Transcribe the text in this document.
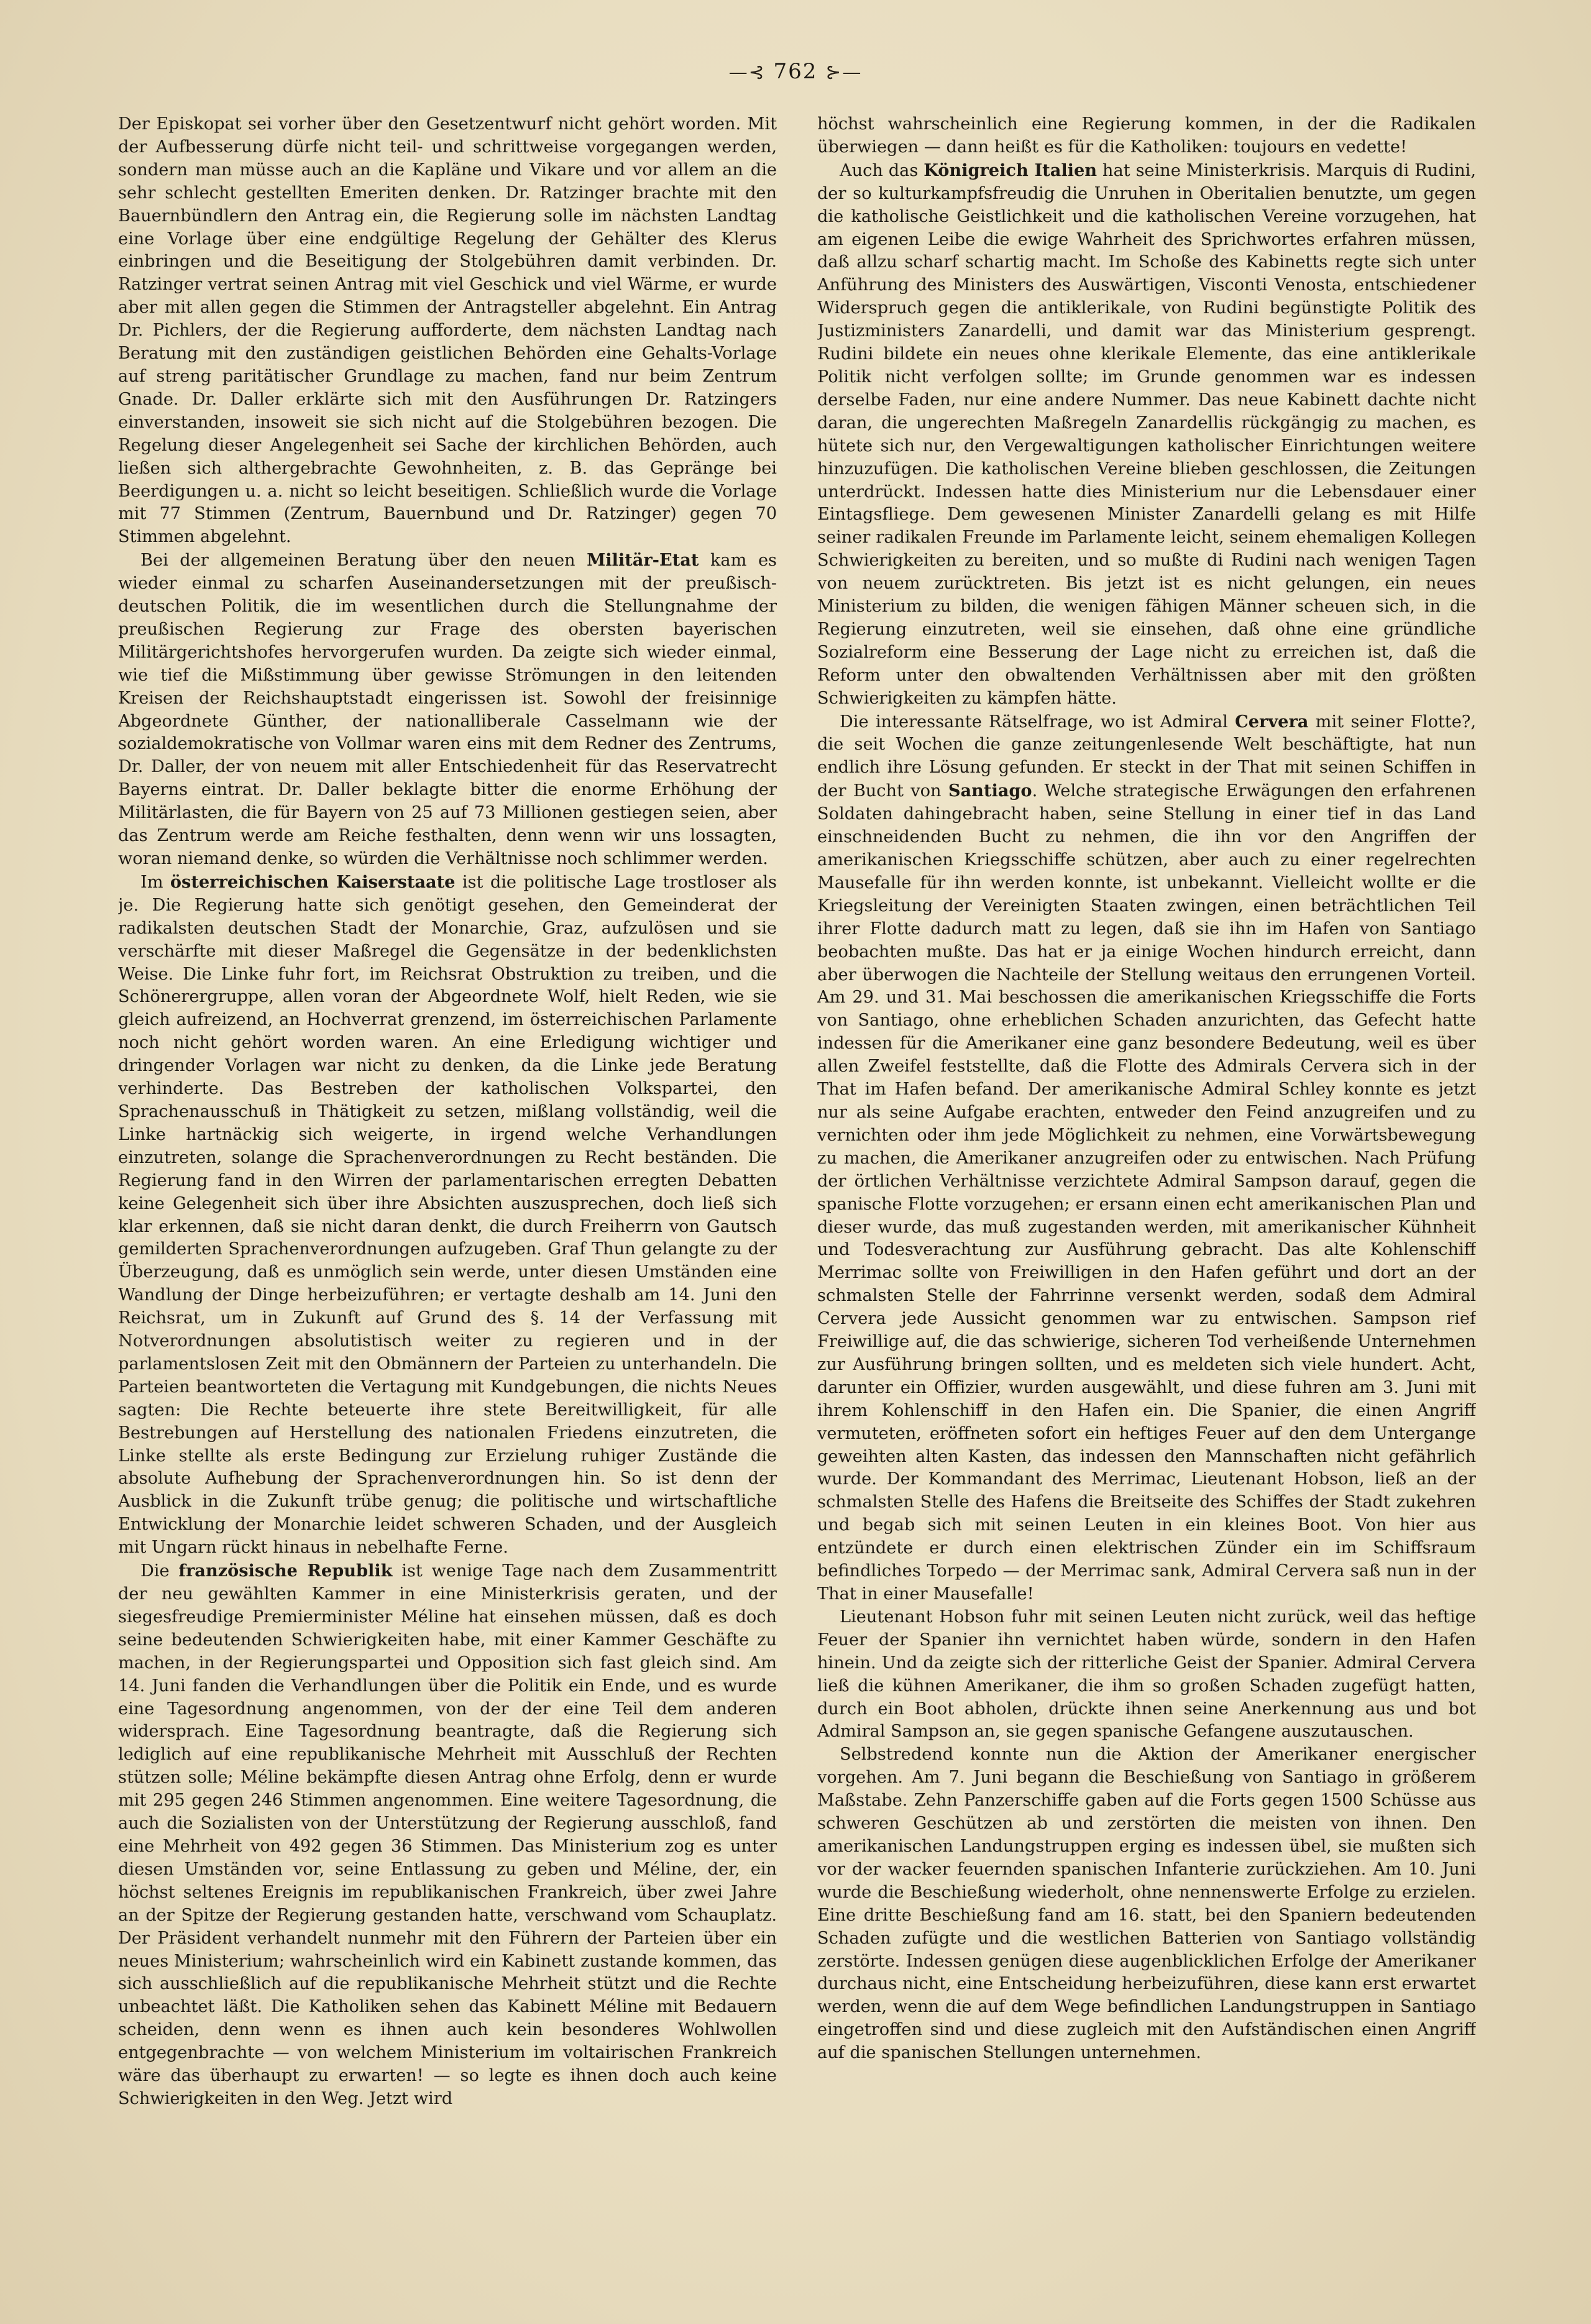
—⊰ 762 ⊱—

Der Episkopat sei vorher über den Gesetzentwurf nicht gehört worden. Mit der Aufbesserung dürfe nicht teil- und schrittweise vorgegangen werden, sondern man müsse auch an die Kapläne und Vikare und vor allem an die sehr schlecht gestellten Emeriten denken. Dr. Ratzinger brachte mit den Bauernbündlern den Antrag ein, die Regierung solle im nächsten Landtag eine Vorlage über eine endgültige Regelung der Gehälter des Klerus einbringen und die Beseitigung der Stolgebühren damit verbinden. Dr. Ratzinger vertrat seinen Antrag mit viel Geschick und viel Wärme, er wurde aber mit allen gegen die Stimmen der Antragsteller abgelehnt. Ein Antrag Dr. Pichlers, der die Regierung aufforderte, dem nächsten Landtag nach Beratung mit den zuständigen geistlichen Behörden eine Gehalts-Vorlage auf streng paritätischer Grundlage zu machen, fand nur beim Zentrum Gnade. Dr. Daller erklärte sich mit den Ausführungen Dr. Ratzingers einverstanden, insoweit sie sich nicht auf die Stolgebühren bezogen. Die Regelung dieser Angelegenheit sei Sache der kirchlichen Behörden, auch ließen sich althergebrachte Gewohnheiten, z. B. das Gepränge bei Beerdigungen u. a. nicht so leicht beseitigen. Schließlich wurde die Vorlage mit 77 Stimmen (Zentrum, Bauernbund und Dr. Ratzinger) gegen 70 Stimmen abgelehnt.

Bei der allgemeinen Beratung über den neuen Militär-Etat kam es wieder einmal zu scharfen Auseinandersetzungen mit der preußisch-deutschen Politik, die im wesentlichen durch die Stellungnahme der preußischen Regierung zur Frage des obersten bayerischen Militärgerichtshofes hervorgerufen wurden. Da zeigte sich wieder einmal, wie tief die Mißstimmung über gewisse Strömungen in den leitenden Kreisen der Reichshauptstadt eingerissen ist. Sowohl der freisinnige Abgeordnete Günther, der nationalliberale Casselmann wie der sozialdemokratische von Vollmar waren eins mit dem Redner des Zentrums, Dr. Daller, der von neuem mit aller Entschiedenheit für das Reservatrecht Bayerns eintrat. Dr. Daller beklagte bitter die enorme Erhöhung der Militärlasten, die für Bayern von 25 auf 73 Millionen gestiegen seien, aber das Zentrum werde am Reiche festhalten, denn wenn wir uns lossagten, woran niemand denke, so würden die Verhältnisse noch schlimmer werden.

Im österreichischen Kaiserstaate ist die politische Lage trostloser als je. Die Regierung hatte sich genötigt gesehen, den Gemeinderat der radikalsten deutschen Stadt der Monarchie, Graz, aufzulösen und sie verschärfte mit dieser Maßregel die Gegensätze in der bedenklichsten Weise. Die Linke fuhr fort, im Reichsrat Obstruktion zu treiben, und die Schönerergruppe, allen voran der Abgeordnete Wolf, hielt Reden, wie sie gleich aufreizend, an Hochverrat grenzend, im österreichischen Parlamente noch nicht gehört worden waren. An eine Erledigung wichtiger und dringender Vorlagen war nicht zu denken, da die Linke jede Beratung verhinderte. Das Bestreben der katholischen Volkspartei, den Sprachenausschuß in Thätigkeit zu setzen, mißlang vollständig, weil die Linke hartnäckig sich weigerte, in irgend welche Verhandlungen einzutreten, solange die Sprachenverordnungen zu Recht beständen. Die Regierung fand in den Wirren der parlamentarischen erregten Debatten keine Gelegenheit sich über ihre Absichten auszusprechen, doch ließ sich klar erkennen, daß sie nicht daran denkt, die durch Freiherrn von Gautsch gemilderten Sprachenverordnungen aufzugeben. Graf Thun gelangte zu der Überzeugung, daß es unmöglich sein werde, unter diesen Umständen eine Wandlung der Dinge herbeizuführen; er vertagte deshalb am 14. Juni den Reichsrat, um in Zukunft auf Grund des §. 14 der Verfassung mit Notverordnungen absolutistisch weiter zu regieren und in der parlamentslosen Zeit mit den Obmännern der Parteien zu unterhandeln. Die Parteien beantworteten die Vertagung mit Kundgebungen, die nichts Neues sagten: Die Rechte beteuerte ihre stete Bereitwilligkeit, für alle Bestrebungen auf Herstellung des nationalen Friedens einzutreten, die Linke stellte als erste Bedingung zur Erzielung ruhiger Zustände die absolute Aufhebung der Sprachenverordnungen hin. So ist denn der Ausblick in die Zukunft trübe genug; die politische und wirtschaftliche Entwicklung der Monarchie leidet schweren Schaden, und der Ausgleich mit Ungarn rückt hinaus in nebelhafte Ferne.

Die französische Republik ist wenige Tage nach dem Zusammentritt der neu gewählten Kammer in eine Ministerkrisis geraten, und der siegesfreudige Premierminister Méline hat einsehen müssen, daß es doch seine bedeutenden Schwierigkeiten habe, mit einer Kammer Geschäfte zu machen, in der Regierungspartei und Opposition sich fast gleich sind. Am 14. Juni fanden die Verhandlungen über die Politik ein Ende, und es wurde eine Tagesordnung angenommen, von der der eine Teil dem anderen widersprach. Eine Tagesordnung beantragte, daß die Regierung sich lediglich auf eine republikanische Mehrheit mit Ausschluß der Rechten stützen solle; Méline bekämpfte diesen Antrag ohne Erfolg, denn er wurde mit 295 gegen 246 Stimmen angenommen. Eine weitere Tagesordnung, die auch die Sozialisten von der Unterstützung der Regierung ausschloß, fand eine Mehrheit von 492 gegen 36 Stimmen. Das Ministerium zog es unter diesen Umständen vor, seine Entlassung zu geben und Méline, der, ein höchst seltenes Ereignis im republikanischen Frankreich, über zwei Jahre an der Spitze der Regierung gestanden hatte, verschwand vom Schauplatz. Der Präsident verhandelt nunmehr mit den Führern der Parteien über ein neues Ministerium; wahrscheinlich wird ein Kabinett zustande kommen, das sich ausschließlich auf die republikanische Mehrheit stützt und die Rechte unbeachtet läßt. Die Katholiken sehen das Kabinett Méline mit Bedauern scheiden, denn wenn es ihnen auch kein besonderes Wohlwollen entgegenbrachte — von welchem Ministerium im voltairischen Frankreich wäre das überhaupt zu erwarten! — so legte es ihnen doch auch keine Schwierigkeiten in den Weg. Jetzt wird

höchst wahrscheinlich eine Regierung kommen, in der die Radikalen überwiegen — dann heißt es für die Katholiken: toujours en vedette!

Auch das Königreich Italien hat seine Ministerkrisis. Marquis di Rudini, der so kulturkampfsfreudig die Unruhen in Oberitalien benutzte, um gegen die katholische Geistlichkeit und die katholischen Vereine vorzugehen, hat am eigenen Leibe die ewige Wahrheit des Sprichwortes erfahren müssen, daß allzu scharf schartig macht. Im Schoße des Kabinetts regte sich unter Anführung des Ministers des Auswärtigen, Visconti Venosta, entschiedener Widerspruch gegen die antiklerikale, von Rudini begünstigte Politik des Justizministers Zanardelli, und damit war das Ministerium gesprengt. Rudini bildete ein neues ohne klerikale Elemente, das eine antiklerikale Politik nicht verfolgen sollte; im Grunde genommen war es indessen derselbe Faden, nur eine andere Nummer. Das neue Kabinett dachte nicht daran, die ungerechten Maßregeln Zanardellis rückgängig zu machen, es hütete sich nur, den Vergewaltigungen katholischer Einrichtungen weitere hinzuzufügen. Die katholischen Vereine blieben geschlossen, die Zeitungen unterdrückt. Indessen hatte dies Ministerium nur die Lebensdauer einer Eintagsfliege. Dem gewesenen Minister Zanardelli gelang es mit Hilfe seiner radikalen Freunde im Parlamente leicht, seinem ehemaligen Kollegen Schwierigkeiten zu bereiten, und so mußte di Rudini nach wenigen Tagen von neuem zurücktreten. Bis jetzt ist es nicht gelungen, ein neues Ministerium zu bilden, die wenigen fähigen Männer scheuen sich, in die Regierung einzutreten, weil sie einsehen, daß ohne eine gründliche Sozialreform eine Besserung der Lage nicht zu erreichen ist, daß die Reform unter den obwaltenden Verhältnissen aber mit den größten Schwierigkeiten zu kämpfen hätte.

Die interessante Rätselfrage, wo ist Admiral Cervera mit seiner Flotte?, die seit Wochen die ganze zeitungenlesende Welt beschäftigte, hat nun endlich ihre Lösung gefunden. Er steckt in der That mit seinen Schiffen in der Bucht von Santiago. Welche strategische Erwägungen den erfahrenen Soldaten dahingebracht haben, seine Stellung in einer tief in das Land einschneidenden Bucht zu nehmen, die ihn vor den Angriffen der amerikanischen Kriegsschiffe schützen, aber auch zu einer regelrechten Mausefalle für ihn werden konnte, ist unbekannt. Vielleicht wollte er die Kriegsleitung der Vereinigten Staaten zwingen, einen beträchtlichen Teil ihrer Flotte dadurch matt zu legen, daß sie ihn im Hafen von Santiago beobachten mußte. Das hat er ja einige Wochen hindurch erreicht, dann aber überwogen die Nachteile der Stellung weitaus den errungenen Vorteil. Am 29. und 31. Mai beschossen die amerikanischen Kriegsschiffe die Forts von Santiago, ohne erheblichen Schaden anzurichten, das Gefecht hatte indessen für die Amerikaner eine ganz besondere Bedeutung, weil es über allen Zweifel feststellte, daß die Flotte des Admirals Cervera sich in der That im Hafen befand. Der amerikanische Admiral Schley konnte es jetzt nur als seine Aufgabe erachten, entweder den Feind anzugreifen und zu vernichten oder ihm jede Möglichkeit zu nehmen, eine Vorwärtsbewegung zu machen, die Amerikaner anzugreifen oder zu entwischen. Nach Prüfung der örtlichen Verhältnisse verzichtete Admiral Sampson darauf, gegen die spanische Flotte vorzugehen; er ersann einen echt amerikanischen Plan und dieser wurde, das muß zugestanden werden, mit amerikanischer Kühnheit und Todesverachtung zur Ausführung gebracht. Das alte Kohlenschiff Merrimac sollte von Freiwilligen in den Hafen geführt und dort an der schmalsten Stelle der Fahrrinne versenkt werden, sodaß dem Admiral Cervera jede Aussicht genommen war zu entwischen. Sampson rief Freiwillige auf, die das schwierige, sicheren Tod verheißende Unternehmen zur Ausführung bringen sollten, und es meldeten sich viele hundert. Acht, darunter ein Offizier, wurden ausgewählt, und diese fuhren am 3. Juni mit ihrem Kohlenschiff in den Hafen ein. Die Spanier, die einen Angriff vermuteten, eröffneten sofort ein heftiges Feuer auf den dem Untergange geweihten alten Kasten, das indessen den Mannschaften nicht gefährlich wurde. Der Kommandant des Merrimac, Lieutenant Hobson, ließ an der schmalsten Stelle des Hafens die Breitseite des Schiffes der Stadt zukehren und begab sich mit seinen Leuten in ein kleines Boot. Von hier aus entzündete er durch einen elektrischen Zünder ein im Schiffsraum befindliches Torpedo — der Merrimac sank, Admiral Cervera saß nun in der That in einer Mausefalle!

Lieutenant Hobson fuhr mit seinen Leuten nicht zurück, weil das heftige Feuer der Spanier ihn vernichtet haben würde, sondern in den Hafen hinein. Und da zeigte sich der ritterliche Geist der Spanier. Admiral Cervera ließ die kühnen Amerikaner, die ihm so großen Schaden zugefügt hatten, durch ein Boot abholen, drückte ihnen seine Anerkennung aus und bot Admiral Sampson an, sie gegen spanische Gefangene auszutauschen.

Selbstredend konnte nun die Aktion der Amerikaner energischer vorgehen. Am 7. Juni begann die Beschießung von Santiago in größerem Maßstabe. Zehn Panzerschiffe gaben auf die Forts gegen 1500 Schüsse aus schweren Geschützen ab und zerstörten die meisten von ihnen. Den amerikanischen Landungstruppen erging es indessen übel, sie mußten sich vor der wacker feuernden spanischen Infanterie zurückziehen. Am 10. Juni wurde die Beschießung wiederholt, ohne nennenswerte Erfolge zu erzielen. Eine dritte Beschießung fand am 16. statt, bei den Spaniern bedeutenden Schaden zufügte und die westlichen Batterien von Santiago vollständig zerstörte. Indessen genügen diese augenblicklichen Erfolge der Amerikaner durchaus nicht, eine Entscheidung herbeizuführen, diese kann erst erwartet werden, wenn die auf dem Wege befindlichen Landungstruppen in Santiago eingetroffen sind und diese zugleich mit den Aufständischen einen Angriff auf die spanischen Stellungen unternehmen.
